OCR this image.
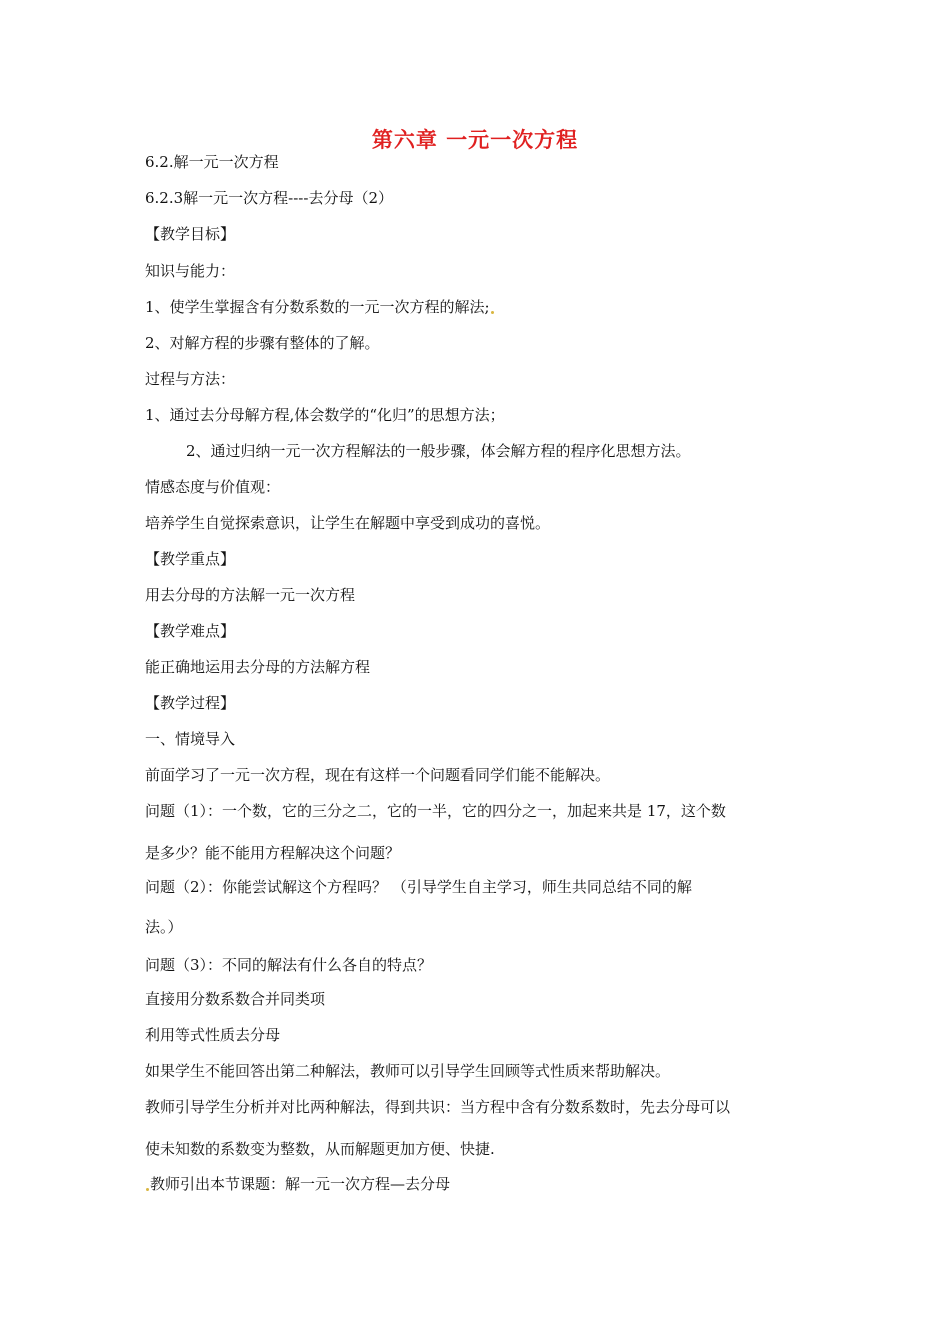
第六章 一元一次方程
6.2.解一元一次方程
6.2.3解一元一次方程----去分母（2）
【教学目标】
知识与能力：
1、使学生掌握含有分数系数的一元一次方程的解法;
2、对解方程的步骤有整体的了解。
过程与方法：
1、通过去分母解方程,体会数学的“化归”的思想方法；
2、通过归纳一元一次方程解法的一般步骤，体会解方程的程序化思想方法。
情感态度与价值观：
培养学生自觉探索意识，让学生在解题中享受到成功的喜悦。
【教学重点】
用去分母的方法解一元一次方程
【教学难点】
能正确地运用去分母的方法解方程
【教学过程】
一、情境导入
前面学习了一元一次方程，现在有这样一个问题看同学们能不能解决。
问题（1）：一个数，它的三分之二，它的一半，它的四分之一，加起来共是 17，这个数
是多少？能不能用方程解决这个问题？
问题（2）：你能尝试解这个方程吗？ （引导学生自主学习，师生共同总结不同的解
法。）
问题（3）：不同的解法有什么各自的特点？
直接用分数系数合并同类项
利用等式性质去分母
如果学生不能回答出第二种解法，教师可以引导学生回顾等式性质来帮助解决。
教师引导学生分析并对比两种解法，得到共识：当方程中含有分数系数时，先去分母可以
使未知数的系数变为整数，从而解题更加方便、快捷.
教师引出本节课题：解一元一次方程—去分母
